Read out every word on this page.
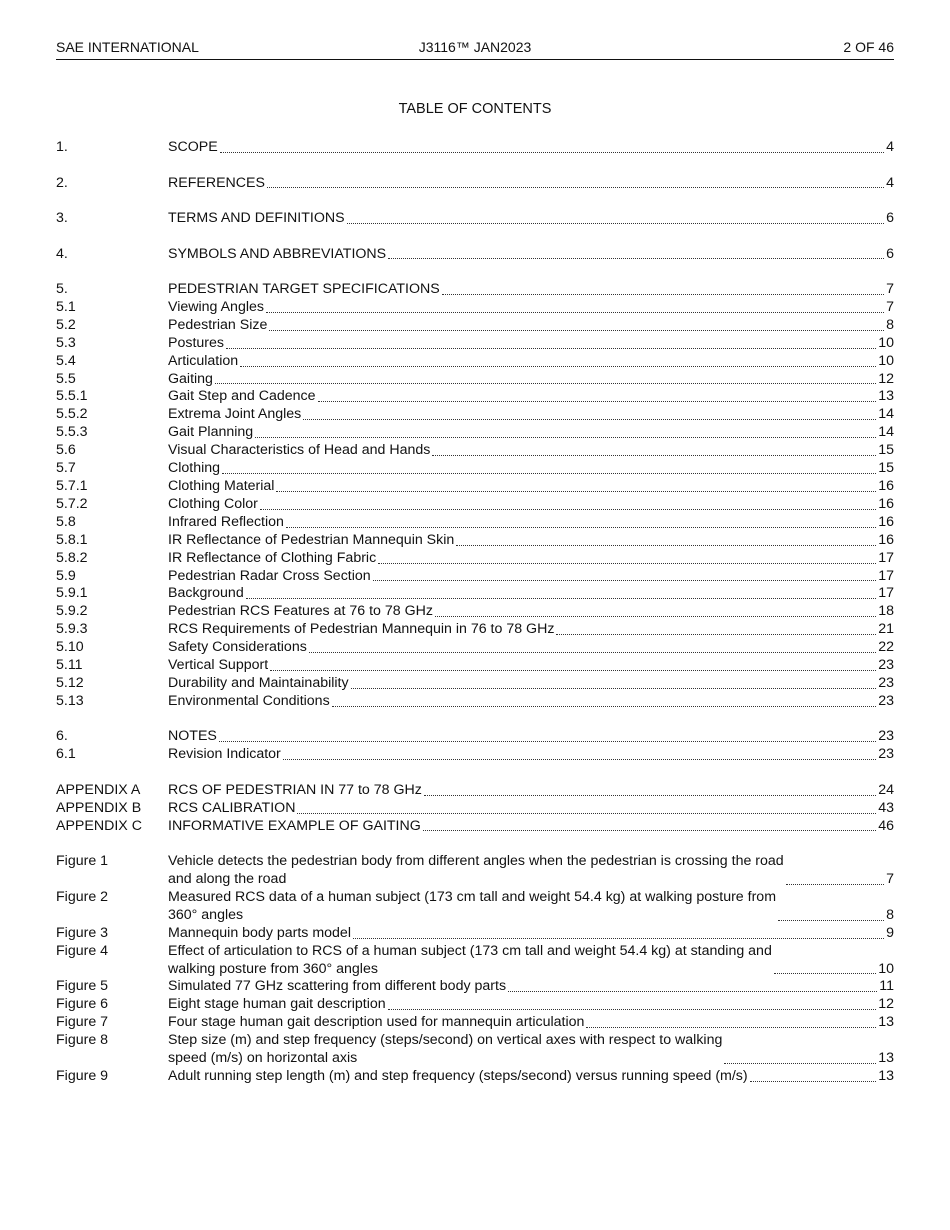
SAE INTERNATIONAL	J3116™ JAN2023	2 OF 46
TABLE OF CONTENTS
1.	SCOPE	4
2.	REFERENCES	4
3.	TERMS AND DEFINITIONS	6
4.	SYMBOLS AND ABBREVIATIONS	6
5.	PEDESTRIAN TARGET SPECIFICATIONS	7
5.1	Viewing Angles	7
5.2	Pedestrian Size	8
5.3	Postures	10
5.4	Articulation	10
5.5	Gaiting	12
5.5.1	Gait Step and Cadence	13
5.5.2	Extrema Joint Angles	14
5.5.3	Gait Planning	14
5.6	Visual Characteristics of Head and Hands	15
5.7	Clothing	15
5.7.1	Clothing Material	16
5.7.2	Clothing Color	16
5.8	Infrared Reflection	16
5.8.1	IR Reflectance of Pedestrian Mannequin Skin	16
5.8.2	IR Reflectance of Clothing Fabric	17
5.9	Pedestrian Radar Cross Section	17
5.9.1	Background	17
5.9.2	Pedestrian RCS Features at 76 to 78 GHz	18
5.9.3	RCS Requirements of Pedestrian Mannequin in 76 to 78 GHz	21
5.10	Safety Considerations	22
5.11	Vertical Support	23
5.12	Durability and Maintainability	23
5.13	Environmental Conditions	23
6.	NOTES	23
6.1	Revision Indicator	23
APPENDIX A	RCS OF PEDESTRIAN IN 77 to 78 GHz	24
APPENDIX B	RCS CALIBRATION	43
APPENDIX C	INFORMATIVE EXAMPLE OF GAITING	46
Figure 1	Vehicle detects the pedestrian body from different angles when the pedestrian is crossing the road
and along the road	7
Figure 2	Measured RCS data of a human subject (173 cm tall and weight 54.4 kg) at walking posture from
360° angles	8
Figure 3	Mannequin body parts model	9
Figure 4	Effect of articulation to RCS of a human subject (173 cm tall and weight 54.4 kg) at standing and
walking posture from 360° angles	10
Figure 5	Simulated 77 GHz scattering from different body parts	11
Figure 6	Eight stage human gait description	12
Figure 7	Four stage human gait description used for mannequin articulation	13
Figure 8	Step size (m) and step frequency (steps/second) on vertical axes with respect to walking
speed (m/s) on horizontal axis	13
Figure 9	Adult running step length (m) and step frequency (steps/second) versus running speed (m/s)	13
